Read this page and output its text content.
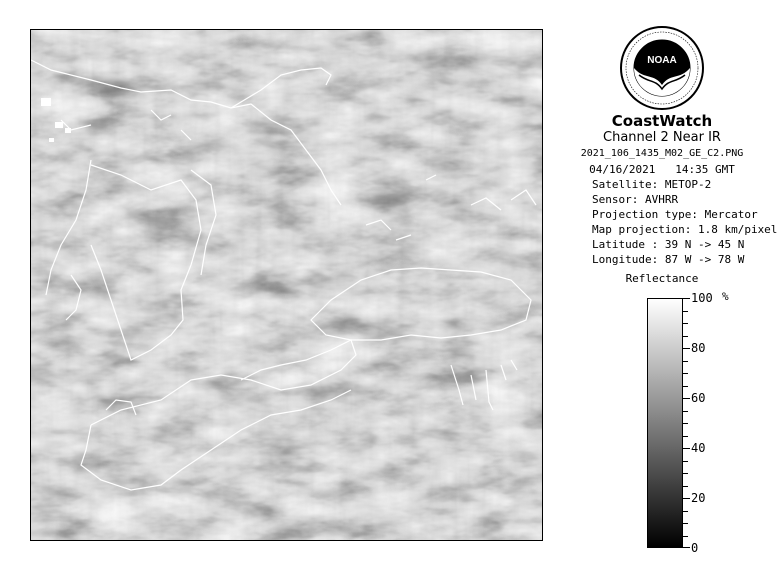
NOAA
CoastWatch
Channel 2 Near IR
2021_106_1435_M02_GE_C2.PNG
04/16/2021 14:35 GMT
Satellite: METOP-2
Sensor: AVHRR
Projection type: Mercator
Map projection: 1.8 km/pixel
Latitude : 39 N -> 45 N
Longitude: 87 W -> 78 W
Reflectance
%
100
80
60
40
20
0
